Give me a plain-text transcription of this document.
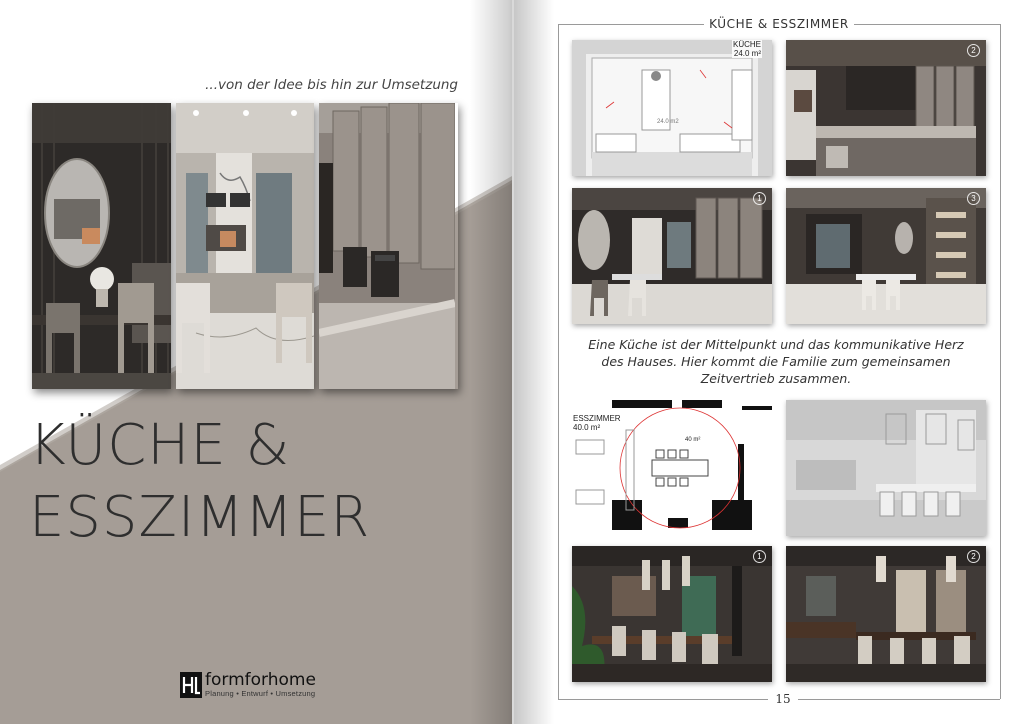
...von der Idee bis hin zur Umsetzung
KÜCHE &
ESSZIMMER
formforhome
Planung • Entwurf • Umsetzung
KÜCHE & ESSZIMMER
KÜCHE
24.0 m²
24.0 m2
2
1	3
Eine Küche ist der Mittelpunkt und das kommunikative Herz des Hauses. Hier kommt die Familie zum gemeinsamen Zeitvertrieb zusammen.
ESSZIMMER
40.0 m²
40 m²
1	2
15
